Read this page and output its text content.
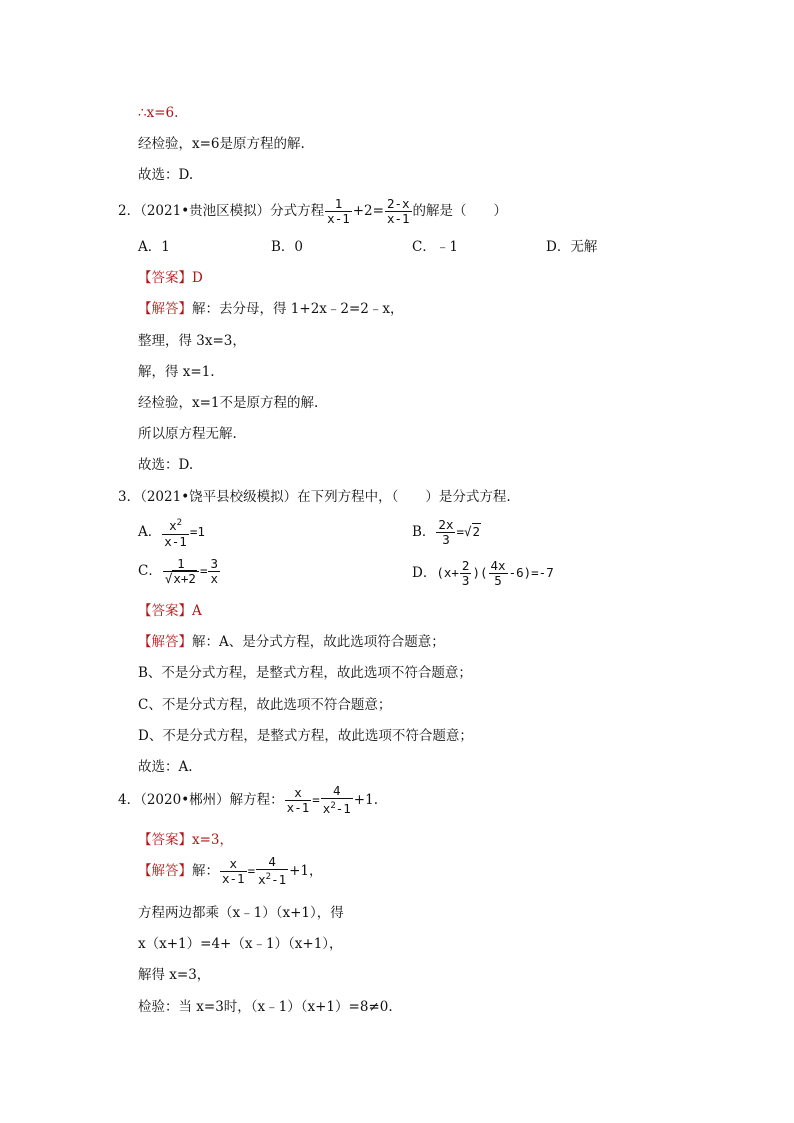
∴x=6.
经检验，x=6是原方程的解.
故选：D.
2．（2021•贵池区模拟）分式方程 $\frac{1}{x-1} +2= \frac{2-x}{x-1}$ 的解是（　　）
A．1	B．0	C．﹣1	D．无解
【答案】D
【解答】解：去分母，得 1+2x﹣2=2﹣x，
整理，得 3x=3，
解，得 x=1.
经检验，x=1不是原方程的解.
所以原方程无解.
故选：D.
3．（2021•饶平县校级模拟）在下列方程中，（　　）是分式方程.
A． $\frac{x^2}{x-1} =1$	B． $\frac{2x}{3} =√2$
C． $\frac{1}{√x+2} = \frac{3}{x}$	D．($x+ \frac{2}{3}$ )( $\frac{4x}{5} -6)=-7$
【答案】A
【解答】解：A、是分式方程，故此选项符合题意；
B、不是分式方程，是整式方程，故此选项不符合题意；
C、不是分式方程，故此选项不符合题意；
D、不是分式方程，是整式方程，故此选项不符合题意；
故选：A.
4．（2020•郴州）解方程： $\frac{x}{x-1} = \frac{4}{x^2-1} +1$.
【答案】x=3，
【解答】解： $\frac{x}{x-1} = \frac{4}{x^2-1} +1$，
方程两边都乘（x﹣1）（x+1），得
x（x+1）=4+（x﹣1）（x+1），
解得 x=3，
检验：当 x=3时，（x﹣1）（x+1）=8≠0.
